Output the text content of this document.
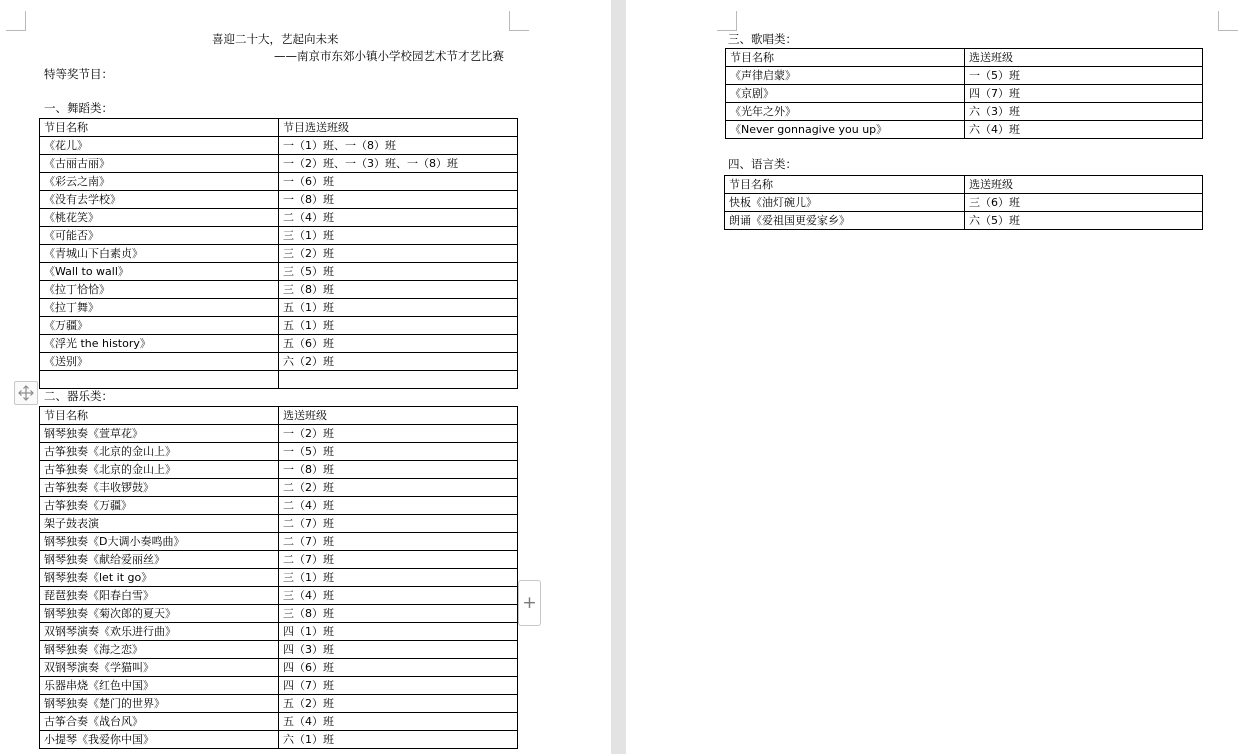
喜迎二十大，艺起向未来
——南京市东郊小镇小学校园艺术节才艺比赛
特等奖节目：
一、舞蹈类：
节目名称	节目选送班级
《花儿》	一（1）班、一（8）班
《古丽古丽》	一（2）班、一（3）班、一（8）班
《彩云之南》	一（6）班
《没有去学校》	一（8）班
《桃花笑》	二（4）班
《可能否》	三（1）班
《青城山下白素贞》	三（2）班
《Wall to wall》	三（5）班
《拉丁恰恰》	三（8）班
《拉丁舞》	五（1）班
《万疆》	五（1）班
《浮光 the history》	五（6）班
《送别》	六（2）班

二、器乐类：
节目名称	选送班级
钢琴独奏《萱草花》	一（2）班
古筝独奏《北京的金山上》	一（5）班
古筝独奏《北京的金山上》	一（8）班
古筝独奏《丰收锣鼓》	二（2）班
古筝独奏《万疆》	二（4）班
架子鼓表演	二（7）班
钢琴独奏《D大调小奏鸣曲》	二（7）班
钢琴独奏《献给爱丽丝》	二（7）班
钢琴独奏《let it go》	三（1）班
琵琶独奏《阳春白雪》	三（4）班
钢琴独奏《菊次郎的夏天》	三（8）班
双钢琴演奏《欢乐进行曲》	四（1）班
钢琴独奏《海之恋》	四（3）班
双钢琴演奏《学猫叫》	四（6）班
乐器串烧《红色中国》	四（7）班
钢琴独奏《楚门的世界》	五（2）班
古筝合奏《战台风》	五（4）班
小提琴《我爱你中国》	六（1）班
+
三、歌唱类：
节目名称	选送班级
《声律启蒙》	一（5）班
《京剧》	四（7）班
《光年之外》	六（3）班
《Never gonnagive you up》	六（4）班
四、语言类：
节目名称	选送班级
快板《油灯碗儿》	三（6）班
朗诵《爱祖国更爱家乡》	六（5）班
